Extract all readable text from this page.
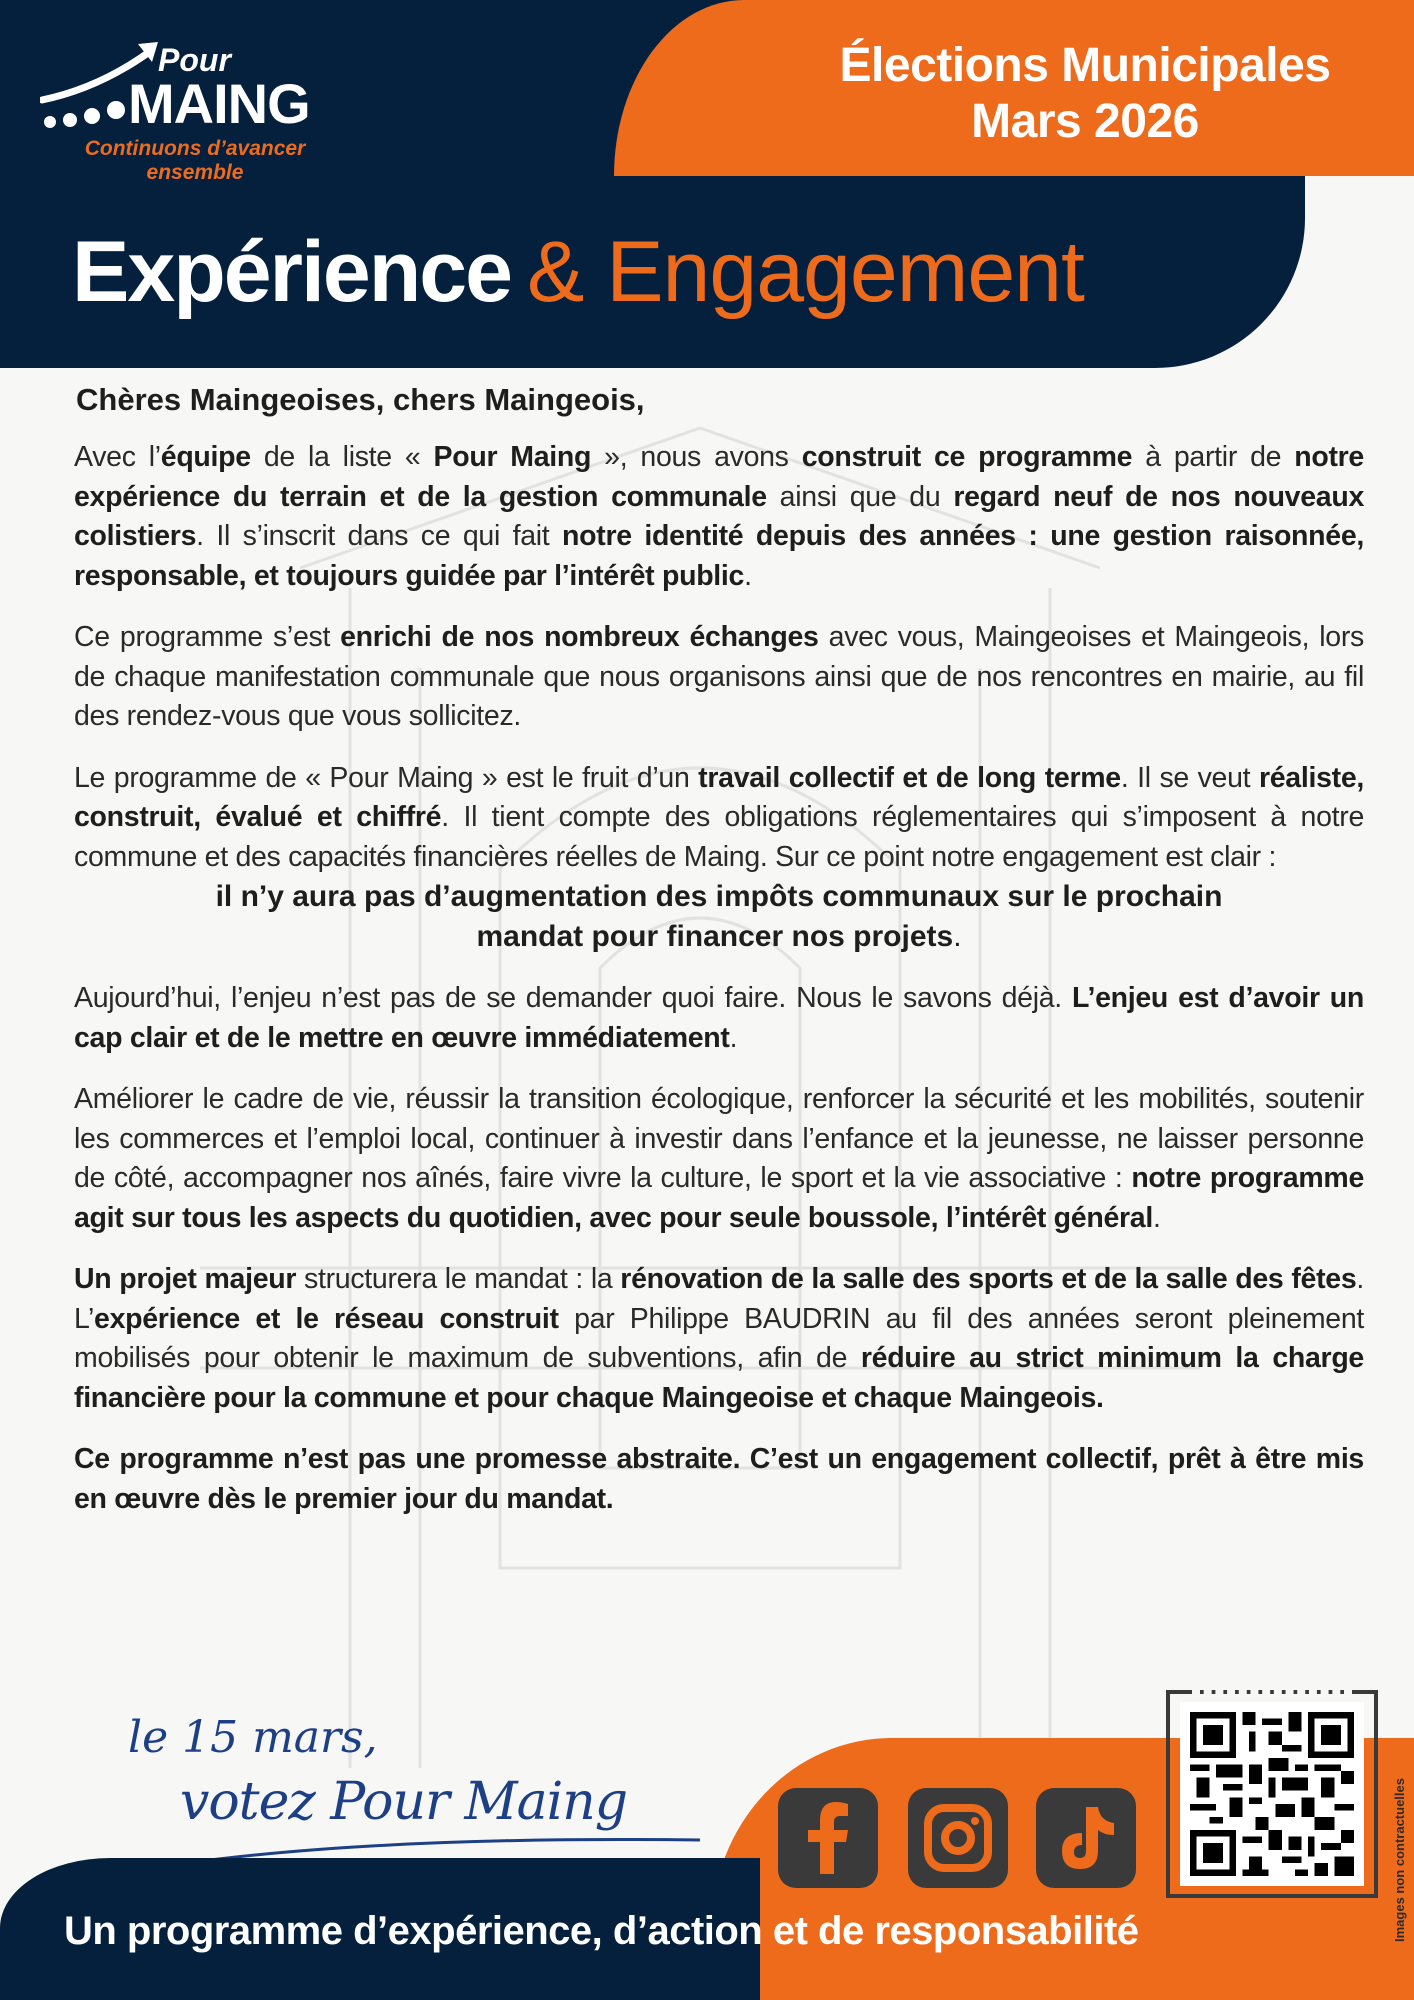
Pour
MAING
Continuons d’avancer
ensemble
Élections Municipales
Mars 2026
Expérience & Engagement
Chères Maingeoises, chers Maingeois,

Avec l’équipe de la liste « Pour Maing », nous avons construit ce programme à partir de notre expérience du terrain et de la gestion communale ainsi que du regard neuf de nos nouveaux colistiers. Il s’inscrit dans ce qui fait notre identité depuis des années : une gestion raisonnée, responsable, et toujours guidée par l’intérêt public.

Ce programme s’est enrichi de nos nombreux échanges avec vous, Maingeoises et Maingeois, lors de chaque manifestation communale que nous organisons ainsi que de nos rencontres en mairie, au fil des rendez-vous que vous sollicitez.

Le programme de « Pour Maing » est le fruit d’un travail collectif et de long terme. Il se veut réaliste, construit, évalué et chiffré. Il tient compte des obligations réglementaires qui s’imposent à notre commune et des capacités financières réelles de Maing. Sur ce point notre engagement est clair :

il n’y aura pas d’augmentation des impôts communaux sur le prochain
mandat pour financer nos projets.

Aujourd’hui, l’enjeu n’est pas de se demander quoi faire. Nous le savons déjà. L’enjeu est d’avoir un cap clair et de le mettre en œuvre immédiatement.

Améliorer le cadre de vie, réussir la transition écologique, renforcer la sécurité et les mobilités, soutenir les commerces et l’emploi local, continuer à investir dans l’enfance et la jeunesse, ne laisser personne de côté, accompagner nos aînés, faire vivre la culture, le sport et la vie associative : notre programme agit sur tous les aspects du quotidien, avec pour seule boussole, l’intérêt général.

Un projet majeur structurera le mandat : la rénovation de la salle des sports et de la salle des fêtes. L’expérience et le réseau construit par Philippe BAUDRIN au fil des années seront pleinement mobilisés pour obtenir le maximum de subventions, afin de réduire au strict minimum la charge financière pour la commune et pour chaque Maingeoise et chaque Maingeois.

Ce programme n’est pas une promesse abstraite. C’est un engagement collectif, prêt à être mis en œuvre dès le premier jour du mandat.

le 15 mars,
votez Pour Maing
Un programme d’expérience, d’action et de responsabilité	Images non contractuelles
